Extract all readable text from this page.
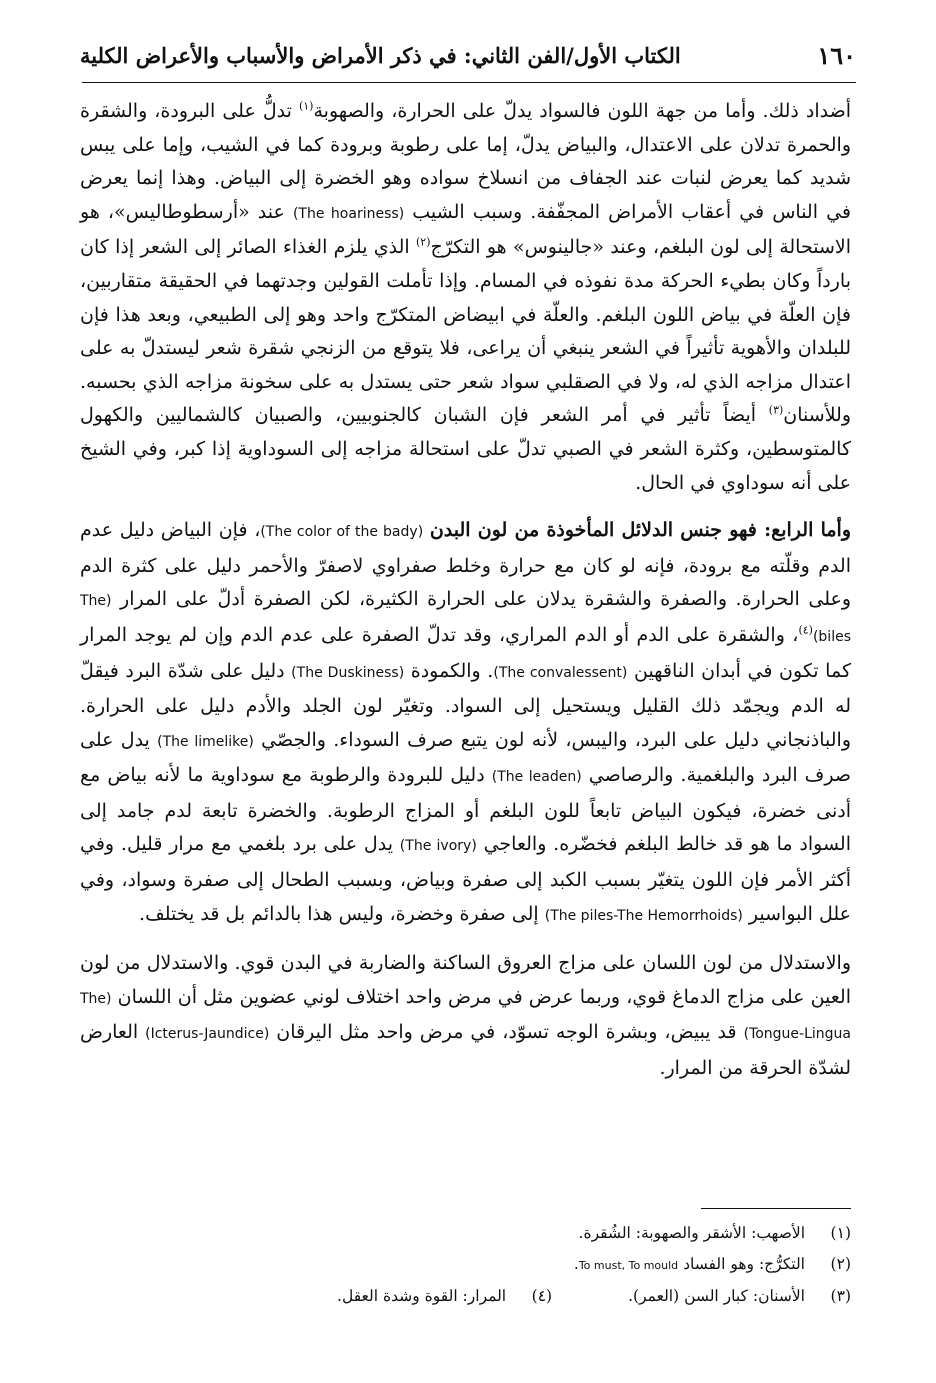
١٦٠
الكتاب الأول/الفن الثاني: في ذكر الأمراض والأسباب والأعراض الكلية

أضداد ذلك. وأما من جهة اللون فالسواد يدلّ على الحرارة، والصهوبة$^{(١)}$ تدلُّ على البرودة، والشقرة والحمرة تدلان على الاعتدال، والبياض يدلّ، إما على رطوبة وبرودة كما في الشيب، وإما على يبس شديد كما يعرض لنبات عند الجفاف من انسلاخ سواده وهو الخضرة إلى البياض. وهذا إنما يعرض في الناس في أعقاب الأمراض المجفّفة. وسبب الشيب (The hoariness) عند «أرسطوطاليس»، هو الاستحالة إلى لون البلغم، وعند «جالينوس» هو التكرّج$^{(٢)}$ الذي يلزم الغذاء الصائر إلى الشعر إذا كان بارداً وكان بطيء الحركة مدة نفوذه في المسام. وإذا تأملت القولين وجدتهما في الحقيقة متقاربين، فإن العلّة في بياض اللون البلغم. والعلّة في ابيضاض المتكرّج واحد وهو إلى الطبيعي، وبعد هذا فإن للبلدان والأهوية تأثيراً في الشعر ينبغي أن يراعى، فلا يتوقع من الزنجي شقرة شعر ليستدلّ به على اعتدال مزاجه الذي له، ولا في الصقلبي سواد شعر حتى يستدل به على سخونة مزاجه الذي بحسبه. وللأسنان$^{(٣)}$ أيضاً تأثير في أمر الشعر فإن الشبان كالجنوبيين، والصبيان كالشماليين والكهول كالمتوسطين، وكثرة الشعر في الصبي تدلّ على استحالة مزاجه إلى السوداوية إذا كبر، وفي الشيخ على أنه سوداوي في الحال.

وأما الرابع: فهو جنس الدلائل المأخوذة من لون البدن (The color of the bady)، فإن البياض دليل عدم الدم وقلّته مع برودة، فإنه لو كان مع حرارة وخلط صفراوي لاصفرّ والأحمر دليل على كثرة الدم وعلى الحرارة. والصفرة والشقرة يدلان على الحرارة الكثيرة، لكن الصفرة أدلّ على المرار (The biles)$^{(٤)}$، والشقرة على الدم أو الدم المراري، وقد تدلّ الصفرة على عدم الدم وإن لم يوجد المرار كما تكون في أبدان الناقهين (The convalessent). والكمودة (The Duskiness) دليل على شدّة البرد فيقلّ له الدم ويجمّد ذلك القليل ويستحيل إلى السواد. وتغيّر لون الجلد والأدم دليل على الحرارة. والباذنجاني دليل على البرد، واليبس، لأنه لون يتبع صرف السوداء. والجصّي (The limelike) يدل على صرف البرد والبلغمية. والرصاصي (The leaden) دليل للبرودة والرطوبة مع سوداوية ما لأنه بياض مع أدنى خضرة، فيكون البياض تابعاً للون البلغم أو المزاج الرطوبة. والخضرة تابعة لدم جامد إلى السواد ما هو قد خالط البلغم فخضّره. والعاجي (The ivory) يدل على برد بلغمي مع مرار قليل. وفي أكثر الأمر فإن اللون يتغيّر بسبب الكبد إلى صفرة وبياض، وبسبب الطحال إلى صفرة وسواد، وفي علل البواسير (The piles-The Hemorrhoids) إلى صفرة وخضرة، وليس هذا بالدائم بل قد يختلف.

والاستدلال من لون اللسان على مزاج العروق الساكنة والضاربة في البدن قوي. والاستدلال من لون العين على مزاج الدماغ قوي، وربما عرض في مرض واحد اختلاف لوني عضوين مثل أن اللسان (The Tongue-Lingua) قد يبيض، وبشرة الوجه تسوّد، في مرض واحد مثل اليرقان (Icterus-Jaundice) العارض لشدّة الحرقة من المرار.

(١)
الأصهب: الأشقر والصهوبة: الشُقرة.
(٢)
التكرُّج: وهو الفساد To must, To mould.
(٣)
الأسنان: كبار السن (العمر).
(٤)
المرار: القوة وشدة العقل.
